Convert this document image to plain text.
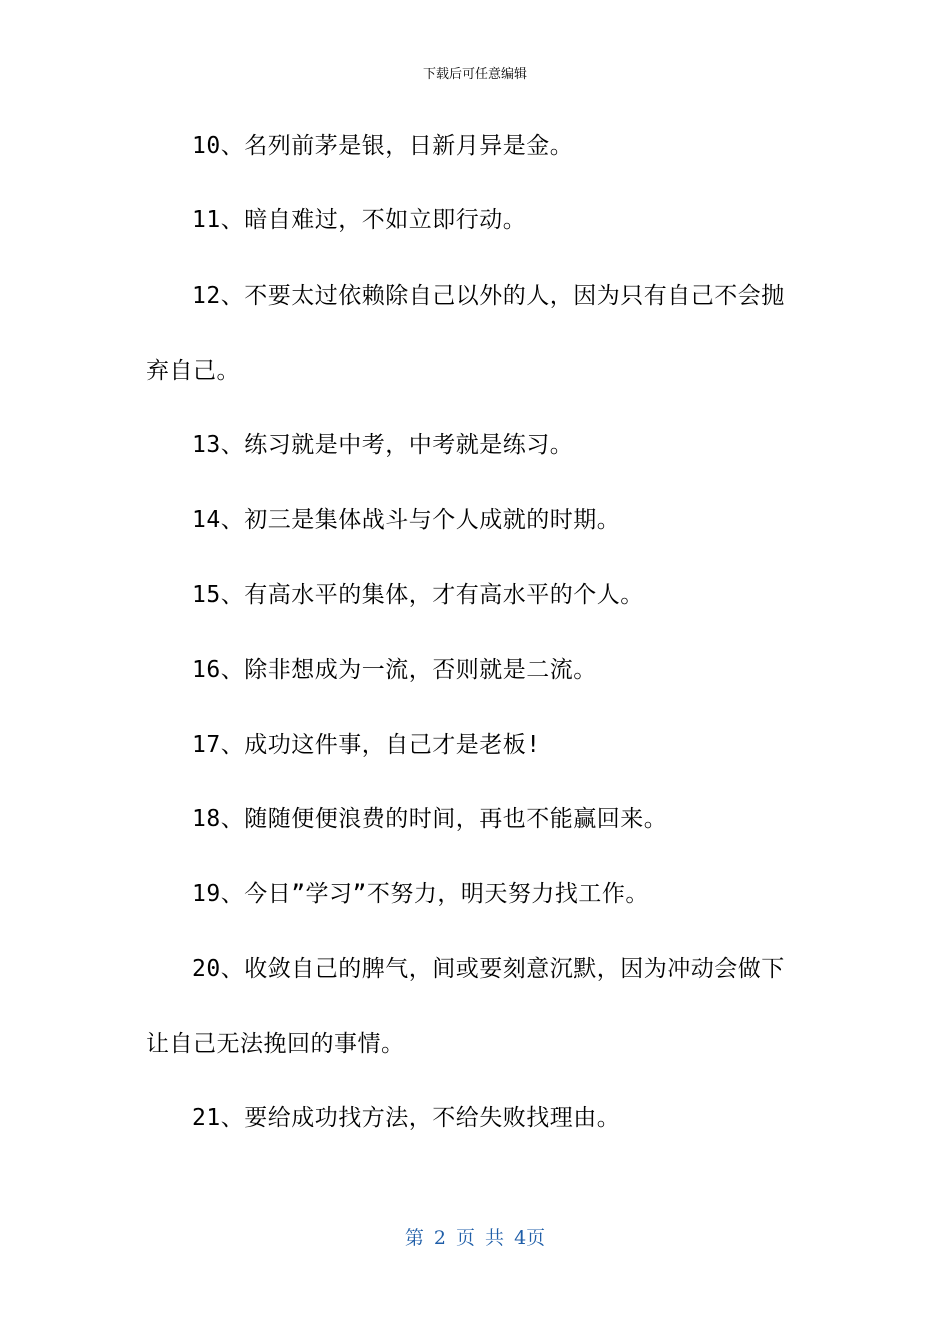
下载后可任意编辑
10、名列前茅是银，日新月异是金。
11、暗自难过，不如立即行动。
12、不要太过依赖除自己以外的人，因为只有自己不会抛
弃自己。
13、练习就是中考，中考就是练习。
14、初三是集体战斗与个人成就的时期。
15、有高水平的集体，才有高水平的个人。
16、除非想成为一流，否则就是二流。
17、成功这件事，自己才是老板!
18、随随便便浪费的时间，再也不能赢回来。
19、今日”学习”不努力，明天努力找工作。
20、收敛自己的脾气，间或要刻意沉默，因为冲动会做下
让自己无法挽回的事情。
21、要给成功找方法，不给失败找理由。
第 2 页 共 4页
